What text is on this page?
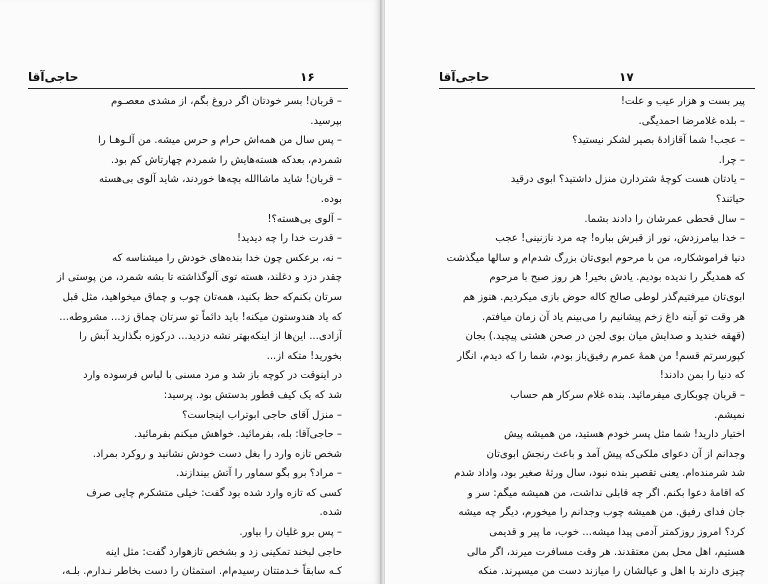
حاجی‌آقا	۱۶
– قربان! بسر خودتان اگر دروغ بگم، از مشدی معصـوم
بپرسید.
– پس سال من همه‌اش حرام و حرس میشه. من آلـوهـا را
شمردم، بعد‌که هسته‌هایش را شمردم چهارتاش کم بود.
– قربان! شاید ماشاالله بچه‌ها خوردند، شاید آلوی بی‌هسته
بوده.
– آلوی بی‌هسته؟!
– قدرت خدا را چه دیدید!
– نه، برعکس چون خدا بنده‌های خودش را میشناسه که
چقدر دزد و دغلند، هسته توی آلوگذاشته تا بشه شمرد، من پوستی از
سرتان بکنم‌که حظ بکنید، همه‌تان چوب و چماق میخواهید، مثل قبل
که یاد هندوستون میکنه! باید دائماً تو سرتان چماق زد... مشروطه...
آزادی... این‌ها از اینکه‌بهتر نشه دزدید... درکوزه بگذارید آبش را
بخورید! متکه از...
در اینوقت در کوچه باز شد و مرد مسنی با لباس فرسوده وارد
شد که یک کیف قطور بدستش بود. پرسید:
– منزل آقای حاجی ابوتراب اینجاست؟
– حاجی‌آقا: بله، بفرمائید. خواهش میکنم بفرمائید.
شخص تازه وارد را بغل دست خودش نشانید و روکرد بمراد.
– مراد؟ برو بگو سماور را آتش بیندازند.
کسی که تازه وارد شده بود گفت: خیلی متشکرم چایی صرف
شده.
– پس برو غلیان را بیاور.
حاجی لبخند تمکینی زد و بشخص تازهوارد گفت: مثل اینه
کـه سابقاً خـدمتتان رسیدم‌ام. استمثان را دست بخاطر نـدارم. بلـه،
حاجی‌آقا	۱۷
پیر بست و هزار عیب و علت!
– بلده غلامرضا احمدیگی.
– عجب! شما آقازادهٔ بصیر لشکر نیستید؟
– چرا.
– یادتان هست کوچهٔ شتردارن منزل داشتید؟ ابوی درقید
حیاتند؟
– سال قحطی عمرشان را دادند بشما.
– خدا بیامرزدش، نور از قبرش بباره! چه مرد نازنینی! عجب
دنیا فراموشکاره، من با مرحوم ابوی‌تان بزرگ شدم‌ام و سالها میگذشت
که همدیگر را ندیده بودیم. یادش بخیر! هر روز صبح با مرحوم
ابوی‌تان میرفتیم‌گذر لوطی صالح کاله حوض بازی میکردیم. هنوز هم
هر وقت تو آینه داغ زخم پیشانیم را می‌بینم یاد آن زمان میافتم.
(قهقه خندید و صدایش میان بوی لجن در صحن هشتی پیچید.) بجان
کپورسرتم قسم! من همهٔ عمرم رفیق‌باز بودم، شما را که دیدم، انگار
که دنیا را بمن دادند!
– قربان چوبکاری میفرمائید. بنده غلام سرکار هم حساب
نمیشم.
اختیار دارید! شما مثل پسر خودم هستید، من همیشه پیش
وجدانم از آن دعوای ملکی‌که پیش آمد و باعث رنجش ابوی‌تان
شد شرمنده‌ام. یعنی تقصیر بنده نبود، سال ورثهٔ صغیر بود، واداد شدم
که اقامهٔ دعوا بکنم. اگر چه قابلی نداشت، من همیشه میگم: سر و
جان فدای رفیق. من همیشه چوب وجدانم را میخورم، دیگر چه میشه
کرد؟ امروز روزکمتر آدمی پیدا میشه... خوب، ما پیر و قدیمی
هستیم، اهل محل بمن معتقدند. هر وقت مسافرت میرند، اگر مالی
چیزی دارند با اهل و عیالشان را میازند دست من میسپرند. منکه
